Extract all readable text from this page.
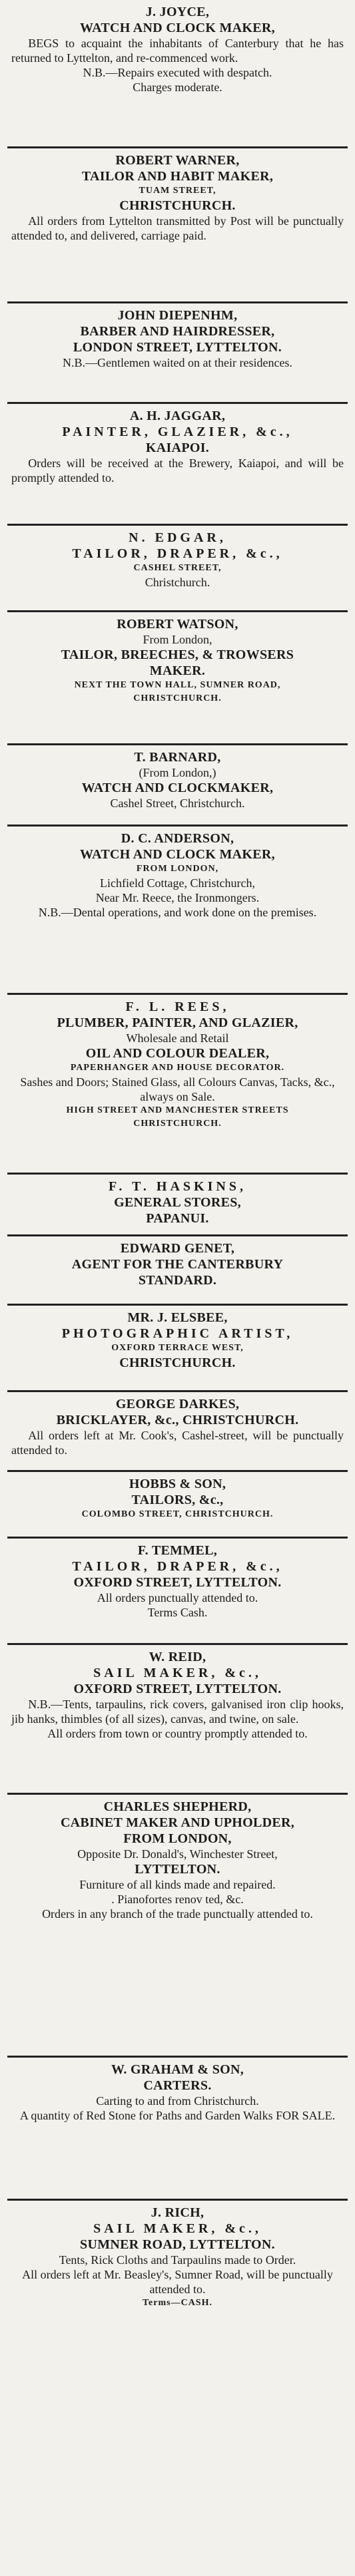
J. JOYCE,

WATCH AND CLOCK MAKER,

BEGS to acquaint the inhabitants of Canterbury that he has returned to Lyttelton, and re-commenced work.

N.B.—Repairs executed with despatch.

Charges moderate.

ROBERT WARNER,

TAILOR AND HABIT MAKER,

TUAM STREET,

CHRISTCHURCH.

All orders from Lyttelton transmitted by Post will be punctually attended to, and delivered, carriage paid.

JOHN DIEPENHM,

BARBER AND HAIRDRESSER,

LONDON STREET, LYTTELTON.

N.B.—Gentlemen waited on at their residences.

A. H. JAGGAR,

PAINTER, GLAZIER, &c.,

KAIAPOI.

Orders will be received at the Brewery, Kaiapoi, and will be promptly attended to.

N. EDGAR,

TAILOR, DRAPER, &c.,

CASHEL STREET,

Christchurch.

ROBERT WATSON,

From London,

TAILOR, BREECHES, & TROWSERS

MAKER.

NEXT THE TOWN HALL, SUMNER ROAD,

CHRISTCHURCH.

T. BARNARD,

(From London,)

WATCH AND CLOCKMAKER,

Cashel Street, Christchurch.

D. C. ANDERSON,

WATCH AND CLOCK MAKER,

FROM LONDON,

Lichfield Cottage, Christchurch,

Near Mr. Reece, the Ironmongers.

N.B.—Dental operations, and work done on the premises.

F. L. REES,

PLUMBER, PAINTER, AND GLAZIER,

Wholesale and Retail

OIL AND COLOUR DEALER,

PAPERHANGER AND HOUSE DECORATOR.

Sashes and Doors; Stained Glass, all Colours Canvas, Tacks, &c., always on Sale.

HIGH STREET AND MANCHESTER STREETS

CHRISTCHURCH.

F. T. HASKINS,

GENERAL STORES,

PAPANUI.

EDWARD GENET,

AGENT FOR THE CANTERBURY

STANDARD.

MR. J. ELSBEE,

PHOTOGRAPHIC ARTIST,

OXFORD TERRACE WEST,

CHRISTCHURCH.

GEORGE DARKES,

BRICKLAYER, &c., CHRISTCHURCH.

All orders left at Mr. Cook's, Cashel-street, will be punctually attended to.

HOBBS & SON,

TAILORS, &c.,

COLOMBO STREET, CHRISTCHURCH.

F. TEMMEL,

TAILOR, DRAPER, &c.,

OXFORD STREET, LYTTELTON.

All orders punctually attended to.

Terms Cash.

W. REID,

SAIL MAKER, &c.,

OXFORD STREET, LYTTELTON.

N.B.—Tents, tarpaulins, rick covers, galvanised iron clip hooks, jib hanks, thimbles (of all sizes), canvas, and twine, on sale.

All orders from town or country promptly attended to.

CHARLES SHEPHERD,

CABINET MAKER AND UPHOLDER,

FROM LONDON,

Opposite Dr. Donald's, Winchester Street,

LYTTELTON.

Furniture of all kinds made and repaired.

. Pianofortes renov ted, &c.

Orders in any branch of the trade punctually attended to.

W. GRAHAM & SON,

CARTERS.

Carting to and from Christchurch.

A quantity of Red Stone for Paths and Garden Walks FOR SALE.

J. RICH,

SAIL MAKER, &c.,

SUMNER ROAD, LYTTELTON.

Tents, Rick Cloths and Tarpaulins made to Order.

All orders left at Mr. Beasley's, Sumner Road, will be punctually attended to.

Terms—CASH.
